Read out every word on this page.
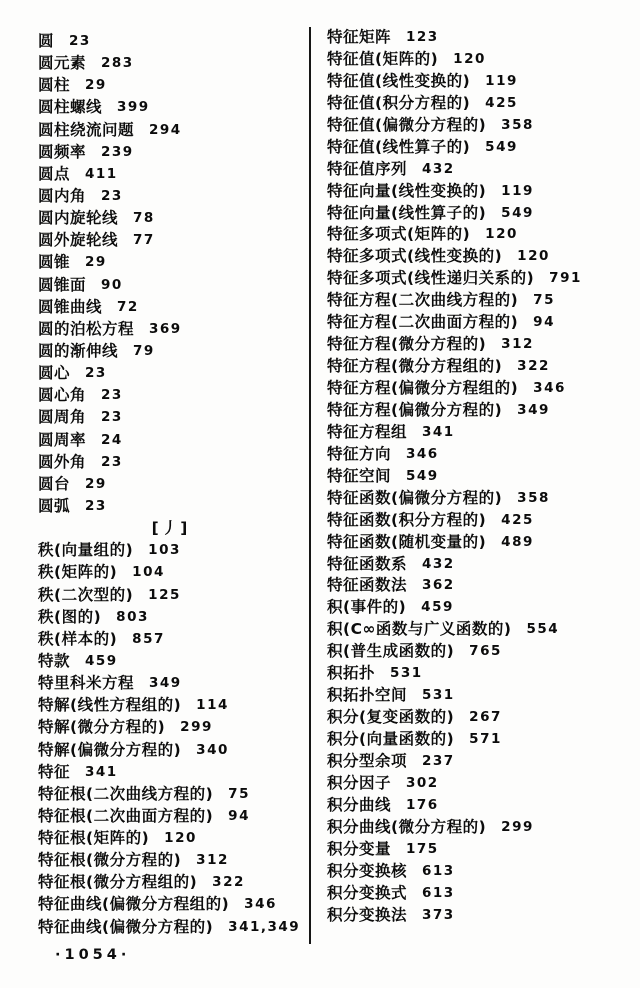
圆 23
圆元素 283
圆柱 29
圆柱螺线 399
圆柱绕流问题 294
圆频率 239
圆点 411
圆内角 23
圆内旋轮线 78
圆外旋轮线 77
圆锥 29
圆锥面 90
圆锥曲线 72
圆的泊松方程 369
圆的渐伸线 79
圆心 23
圆心角 23
圆周角 23
圆周率 24
圆外角 23
圆台 29
圆弧 23
[丿]
秩(向量组的) 103
秩(矩阵的) 104
秩(二次型的) 125
秩(图的) 803
秩(样本的) 857
特款 459
特里科米方程 349
特解(线性方程组的) 114
特解(微分方程的) 299
特解(偏微分方程的) 340
特征 341
特征根(二次曲线方程的) 75
特征根(二次曲面方程的) 94
特征根(矩阵的) 120
特征根(微分方程的) 312
特征根(微分方程组的) 322
特征曲线(偏微分方程组的) 346
特征曲线(偏微分方程的) 341,349
特征矩阵 123
特征值(矩阵的) 120
特征值(线性变换的) 119
特征值(积分方程的) 425
特征值(偏微分方程的) 358
特征值(线性算子的) 549
特征值序列 432
特征向量(线性变换的) 119
特征向量(线性算子的) 549
特征多项式(矩阵的) 120
特征多项式(线性变换的) 120
特征多项式(线性递归关系的) 791
特征方程(二次曲线方程的) 75
特征方程(二次曲面方程的) 94
特征方程(微分方程的) 312
特征方程(微分方程组的) 322
特征方程(偏微分方程组的) 346
特征方程(偏微分方程的) 349
特征方程组 341
特征方向 346
特征空间 549
特征函数(偏微分方程的) 358
特征函数(积分方程的) 425
特征函数(随机变量的) 489
特征函数系 432
特征函数法 362
积(事件的) 459
积(C∞函数与广义函数的) 554
积(普生成函数的) 765
积拓扑 531
积拓扑空间 531
积分(复变函数的) 267
积分(向量函数的) 571
积分型余项 237
积分因子 302
积分曲线 176
积分曲线(微分方程的) 299
积分变量 175
积分变换核 613
积分变换式 613
积分变换法 373
·1054·
